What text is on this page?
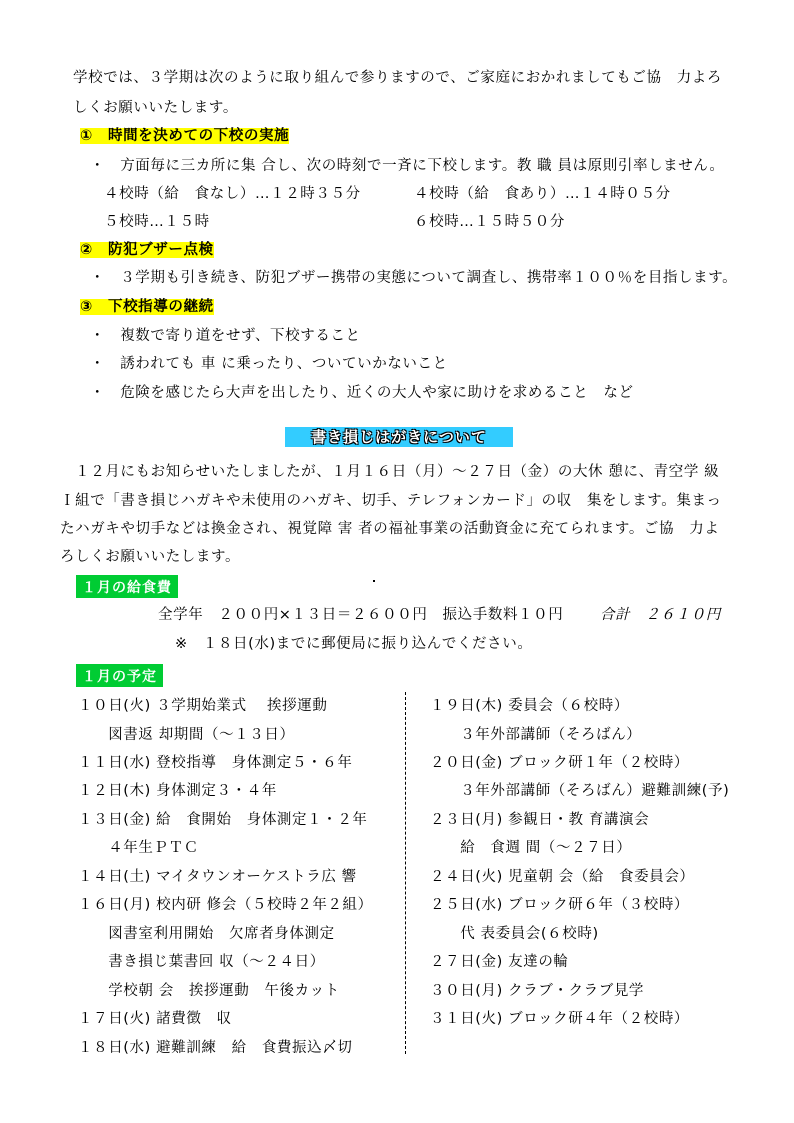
学校では、３学期は次のように取り組んで参りますので、ご家庭におかれましてもご協　力よろ
しくお願いいたします。
①　時間を決めての下校の実施
・　方面毎に三カ所に集 合し、次の時刻で一斉に下校します。教 職 員は原則引率しません。
４校時（給　食なし）…１２時３５分	４校時（給　食あり）…１４時０５分
５校時…１５時	６校時…１５時５０分
②　防犯ブザー点検
・　３学期も引き続き、防犯ブザー携帯の実態について調査し、携帯率１００％を目指します。
③　下校指導の継続
・　複数で寄り道をせず、下校すること
・　誘われても 車 に乗ったり、ついていかないこと
・　危険を感じたら大声を出したり、近くの大人や家に助けを求めること　など
書き損じはがきについて
　１２月にもお知らせいたしましたが、１月１６日（月）～２７日（金）の大休 憩に、青空学 級
Ｉ組で「書き損じハガキや未使用のハガキ、切手、テレフォンカード」の収　集をします。集まっ
たハガキや切手などは換金され、視覚障 害 者の福祉事業の活動資金に充てられます。ご協　力よ
ろしくお願いいたします。
１月の給食費
全学年　２００円×１３日＝２６００円　振込手数料１０円	合計　２６１０円
※　１８日(水)までに郵便局に振り込んでください。
１月の予定
１０日(火) ３学期始業式　 挨拶運動
　　図書返 却期間（～１３日）
１１日(水) 登校指導　身体測定５・６年
１２日(木) 身体測定３・４年
１３日(金) 給　食開始　身体測定１・２年
　　４年生ＰＴＣ
１４日(土) マイタウンオーケストラ広 響
１６日(月) 校内研 修会（５校時２年２組）
　　図書室利用開始　欠席者身体測定
　　書き損じ葉書回 収（～２４日）
　　学校朝 会　挨拶運動　午後カット
１７日(火) 諸費徴　収
１８日(水) 避難訓練　給　食費振込〆切
１９日(木) 委員会（６校時）
　　３年外部講師（そろばん）
２０日(金) ブロック研１年（２校時）
　　３年外部講師（そろばん）避難訓練(予)
２３日(月) 参観日・教 育講演会
　　給　食週 間（～２７日）
２４日(火) 児童朝 会（給　食委員会）
２５日(水) ブロック研６年（３校時）
　　代 表委員会(６校時)
２７日(金) 友達の輪
３０日(月) クラブ・クラブ見学
３１日(火) ブロック研４年（２校時）
